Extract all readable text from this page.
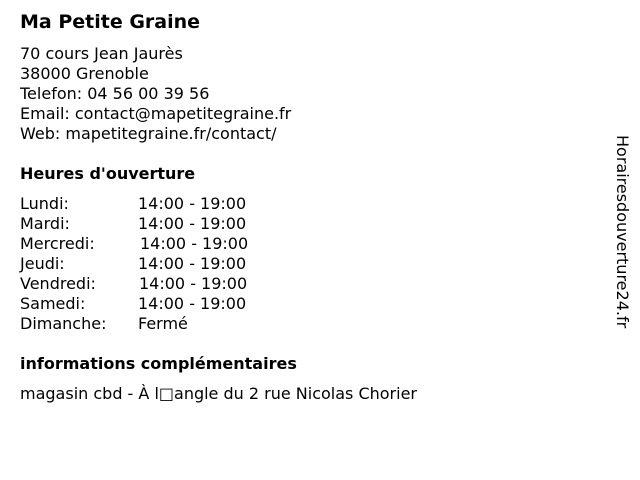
Ma Petite Graine
70 cours Jean Jaurès
38000 Grenoble
Telefon: 04 56 00 39 56
Email: contact@mapetitegraine.fr
Web: mapetitegraine.fr/contact/
Heures d'ouverture
Lundi:	14:00 - 19:00
Mardi:	14:00 - 19:00
Mercredi:	14:00 - 19:00
Jeudi:	14:00 - 19:00
Vendredi:	14:00 - 19:00
Samedi:	14:00 - 19:00
Dimanche: Fermé
informations complémentaires
magasin cbd - À l□angle du 2 rue Nicolas Chorier
Horairesdouverture24.fr
